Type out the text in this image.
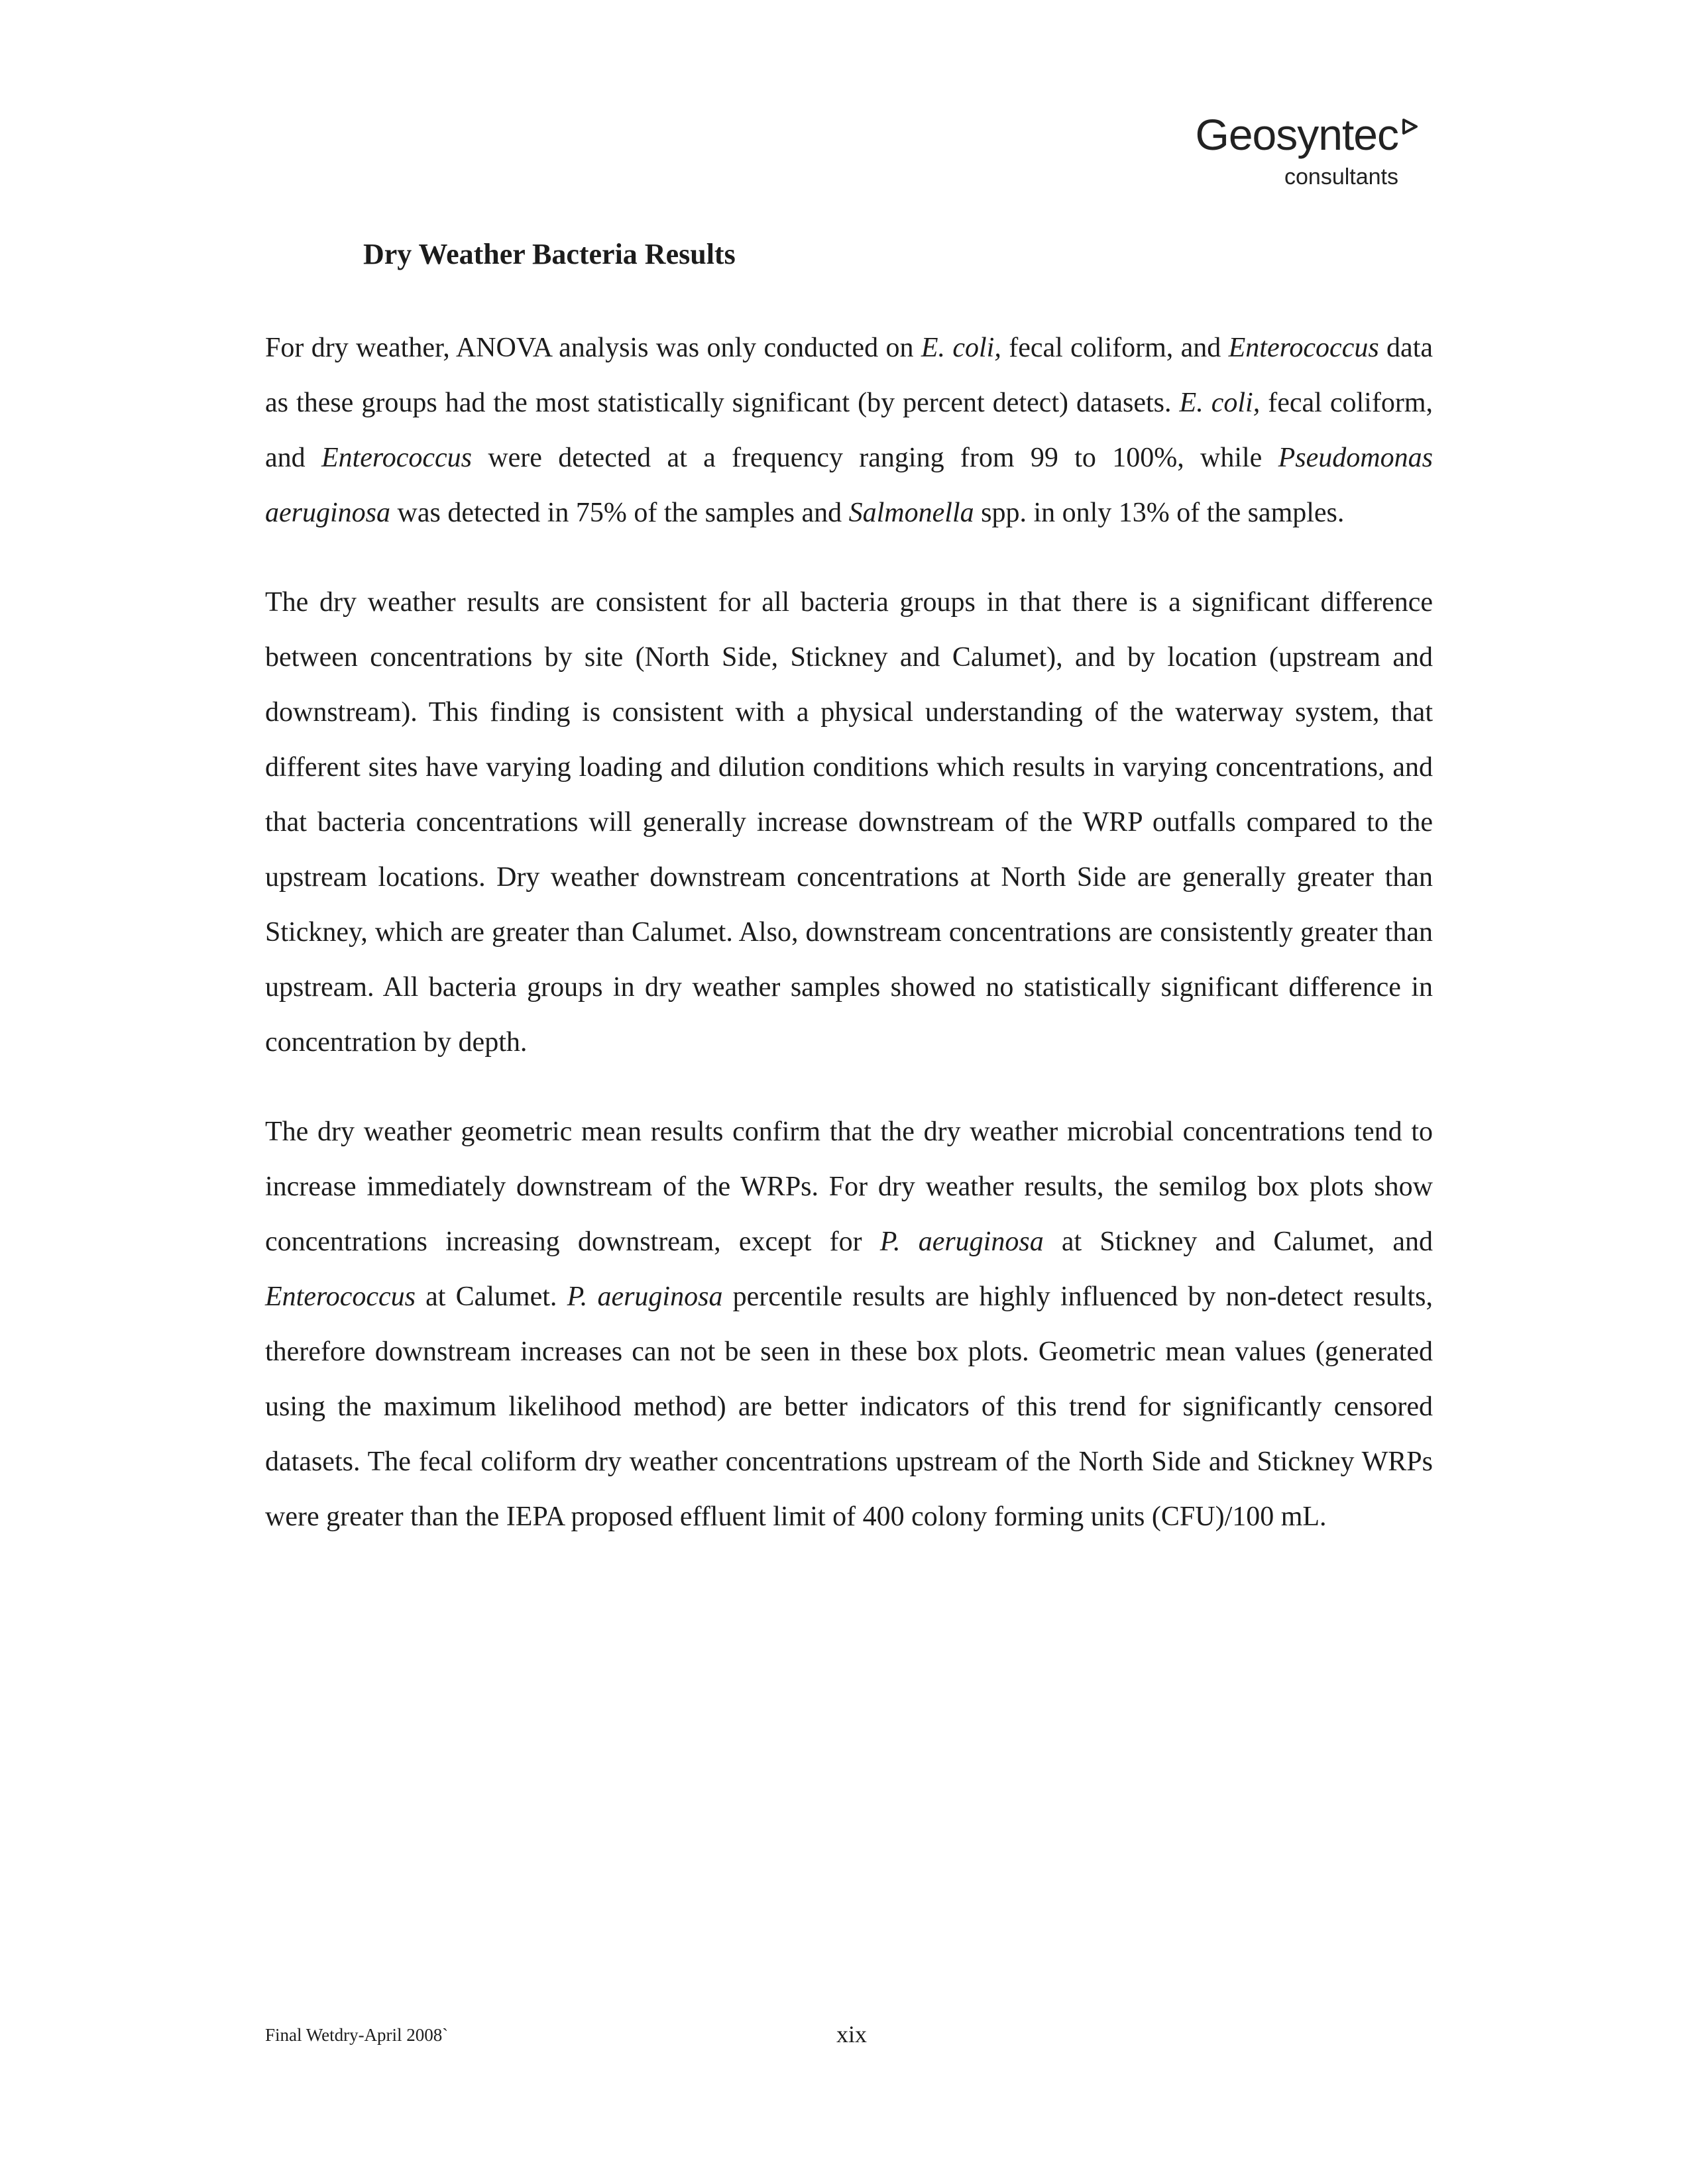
Geosyntec
consultants
Dry Weather Bacteria Results

For dry weather, ANOVA analysis was only conducted on E. coli, fecal coliform, and Enterococcus data as these groups had the most statistically significant (by percent detect) datasets. E. coli, fecal coliform, and Enterococcus were detected at a frequency ranging from 99 to 100%, while Pseudomonas aeruginosa was detected in 75% of the samples and Salmonella spp. in only 13% of the samples.

The dry weather results are consistent for all bacteria groups in that there is a significant difference between concentrations by site (North Side, Stickney and Calumet), and by location (upstream and downstream). This finding is consistent with a physical understanding of the waterway system, that different sites have varying loading and dilution conditions which results in varying concentrations, and that bacteria concentrations will generally increase downstream of the WRP outfalls compared to the upstream locations. Dry weather downstream concentrations at North Side are generally greater than Stickney, which are greater than Calumet. Also, downstream concentrations are consistently greater than upstream. All bacteria groups in dry weather samples showed no statistically significant difference in concentration by depth.

The dry weather geometric mean results confirm that the dry weather microbial concentrations tend to increase immediately downstream of the WRPs. For dry weather results, the semilog box plots show concentrations increasing downstream, except for P. aeruginosa at Stickney and Calumet, and Enterococcus at Calumet. P. aeruginosa percentile results are highly influenced by non-detect results, therefore downstream increases can not be seen in these box plots. Geometric mean values (generated using the maximum likelihood method) are better indicators of this trend for significantly censored datasets. The fecal coliform dry weather concentrations upstream of the North Side and Stickney WRPs were greater than the IEPA proposed effluent limit of 400 colony forming units (CFU)/100 mL.

Final Wetdry-April 2008`	xix
